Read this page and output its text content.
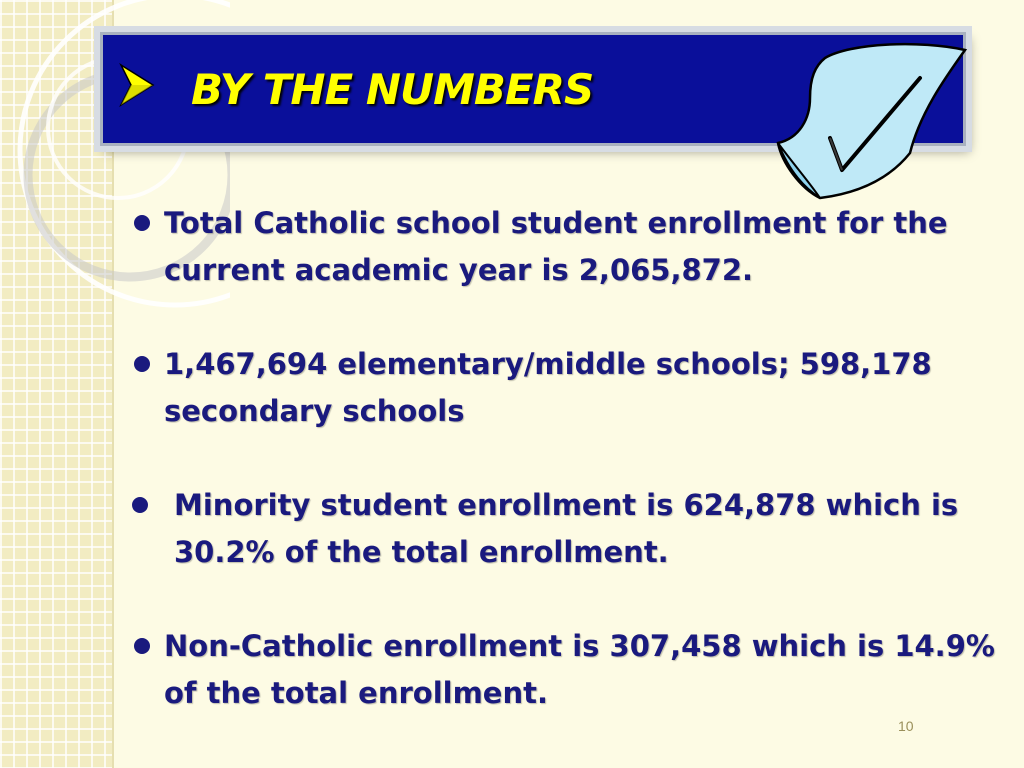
BY THE NUMBERS
Total Catholic school student enrollment for the current academic year is 2,065,872.
1,467,694 elementary/middle schools; 598,178 secondary schools
Minority student enrollment is 624,878 which is 30.2% of the total enrollment.
Non-Catholic enrollment is 307,458 which is 14.9% of the total enrollment.
10
